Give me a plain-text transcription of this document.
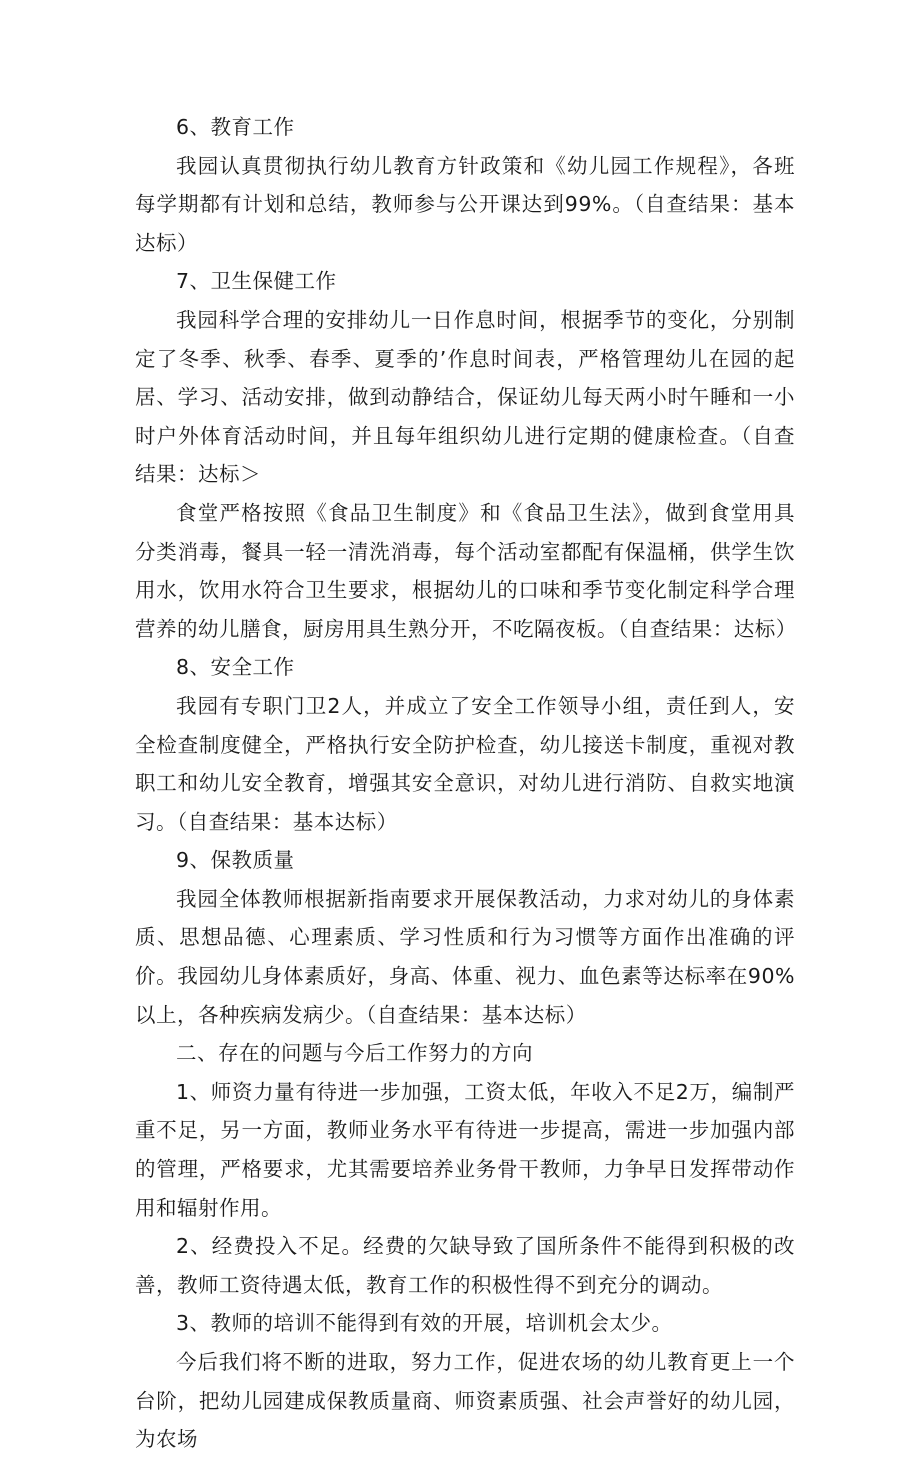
6、教育工作

我园认真贯彻执行幼儿教育方针政策和《幼儿园工作规程》，各班每学期都有计划和总结，教师参与公开课达到99%。（自查结果：基本达标）

7、卫生保健工作

我园科学合理的安排幼儿一日作息时间，根据季节的变化，分别制定了冬季、秋季、春季、夏季的’作息时间表，严格管理幼儿在园的起居、学习、活动安排，做到动静结合，保证幼儿每天两小时午睡和一小时户外体育活动时间，并且每年组织幼儿进行定期的健康检查。（自查结果：达标＞

食堂严格按照《食品卫生制度》和《食品卫生法》，做到食堂用具分类消毒，餐具一轻一清洗消毒，每个活动室都配有保温桶，供学生饮用水，饮用水符合卫生要求，根据幼儿的口味和季节变化制定科学合理营养的幼儿膳食，厨房用具生熟分开，不吃隔夜板。（自查结果：达标）

8、安全工作

我园有专职门卫2人，并成立了安全工作领导小组，责任到人，安全检查制度健全，严格执行安全防护检查，幼儿接送卡制度，重视对教职工和幼儿安全教育，增强其安全意识，对幼儿进行消防、自救实地演习。（自查结果：基本达标）

9、保教质量

我园全体教师根据新指南要求开展保教活动，力求对幼儿的身体素质、思想品德、心理素质、学习性质和行为习惯等方面作出准确的评价。我园幼儿身体素质好，身高、体重、视力、血色素等达标率在90%以上，各种疾病发病少。（自查结果：基本达标）

二、存在的问题与今后工作努力的方向

1、师资力量有待进一步加强，工资太低，年收入不足2万，编制严重不足，另一方面，教师业务水平有待进一步提高，需进一步加强内部的管理，严格要求，尤其需要培养业务骨干教师，力争早日发挥带动作用和辐射作用。

2、经费投入不足。经费的欠缺导致了国所条件不能得到积极的改善，教师工资待遇太低，教育工作的积极性得不到充分的调动。

3、教师的培训不能得到有效的开展，培训机会太少。

今后我们将不断的进取，努力工作，促进农场的幼儿教育更上一个台阶，把幼儿园建成保教质量商、师资素质强、社会声誉好的幼儿园，为农场
